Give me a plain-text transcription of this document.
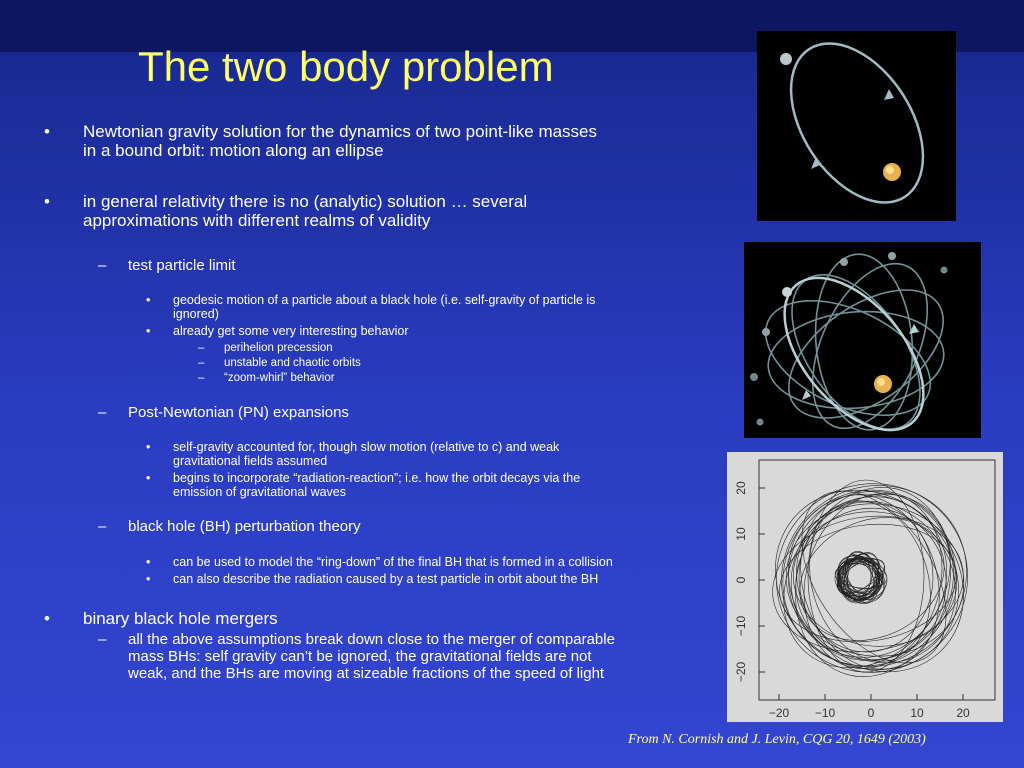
The two body problem
• Newtonian gravity solution for the dynamics of two point-like masses
in a bound orbit: motion along an ellipse
• in general relativity there is no (analytic) solution … several
approximations with different realms of validity
– test particle limit
• geodesic motion of a particle about a black hole (i.e. self-gravity of particle is
ignored)
• already get some very interesting behavior
– perihelion precession
– unstable and chaotic orbits
– “zoom-whirl” behavior
– Post-Newtonian (PN) expansions
• self-gravity accounted for, though slow motion (relative to c) and weak
gravitational fields assumed
• begins to incorporate “radiation-reaction”; i.e. how the orbit decays via the
emission of gravitational waves
– black hole (BH) perturbation theory
• can be used to model the “ring-down” of the final BH that is formed in a collision
• can also describe the radiation caused by a test particle in orbit about the BH
• binary black hole mergers
– all the above assumptions break down close to the merger of comparable
mass BHs: self gravity can’t be ignored, the gravitational fields are not
weak, and the BHs are moving at sizeable fractions of the speed of light
−20 −10	0	10	20
−20
−10
0
10
20
From N. Cornish and J. Levin, CQG 20, 1649 (2003)
